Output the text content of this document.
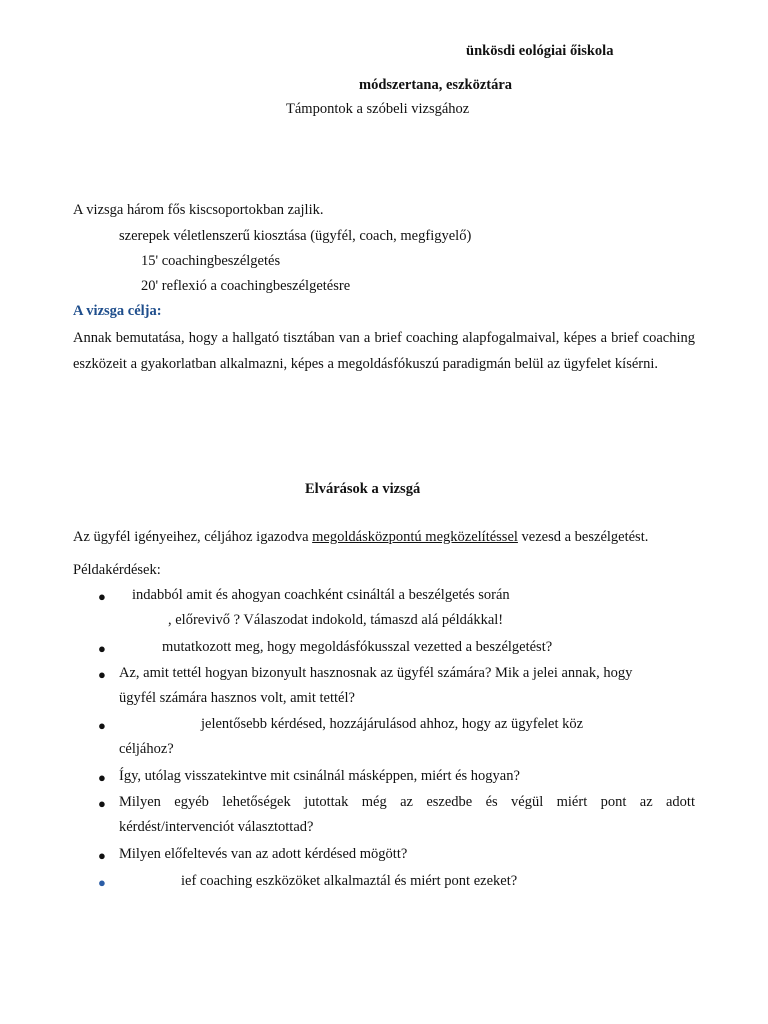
ünkösdi eológiai őiskola
módszertana, eszköztára
Támpontok a szóbeli vizsgához
A vizsga három fős kiscsoportokban zajlik.
szerepek véletlenszerű kiosztása (ügyfél, coach, megfigyelő)
15' coachingbeszélgetés
20' reflexió a coachingbeszélgetésre
A vizsga célja:
Annak bemutatása, hogy a hallgató tisztában van a brief coaching alapfogalmaival, képes a brief coaching eszközeit a gyakorlatban alkalmazni, képes a megoldásfókuszú paradigmán belül az ügyfelet kísérni.
Elvárások a vizsgá
Az ügyfél igényeihez, céljához igazodva megoldásközpontú megközelítéssel vezesd a beszélgetést.
Példakérdések:
● indabból amit és ahogyan coachként csináltál a beszélgetés során
, előrevivő ? Válaszodat indokold, támaszd alá példákkal!
●	mutatkozott meg, hogy megoldásfókusszal vezetted a beszélgetést?
● Az, amit tettél hogyan bizonyult hasznosnak az ügyfél számára? Mik a jelei annak, hogy
ügyfél számára hasznos volt, amit tettél?
●	jelentősebb kérdésed, hozzájárulásod ahhoz, hogy az ügyfelet köz
céljához?
● Így, utólag visszatekintve mit csinálnál másképpen, miért és hogyan?
● Milyen egyéb lehetőségek jutottak még az eszedbe és végül miért pont az adott
kérdést/intervenciót választottad?
● Milyen előfeltevés van az adott kérdésed mögött?
●	ief coaching eszközöket alkalmaztál és miért pont ezeket?
